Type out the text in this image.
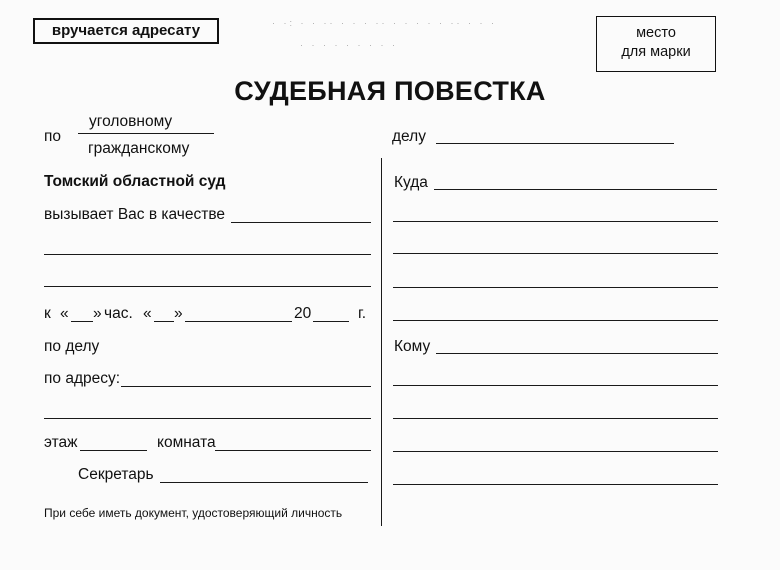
· ·: · · ·· · · · ·· · · · · · ·· · · ·
· · · · · · · · ·
вручается адресату	место
для марки
СУДЕБНАЯ ПОВЕСТКА
по
уголовному
гражданскому
делу
Томский областной суд
вызывает Вас в качестве
к « » час. « »	20	г.
по делу
по адресу:
этаж	комната
Секретарь
При себе иметь документ, удостоверяющий личность
Куда
Кому
